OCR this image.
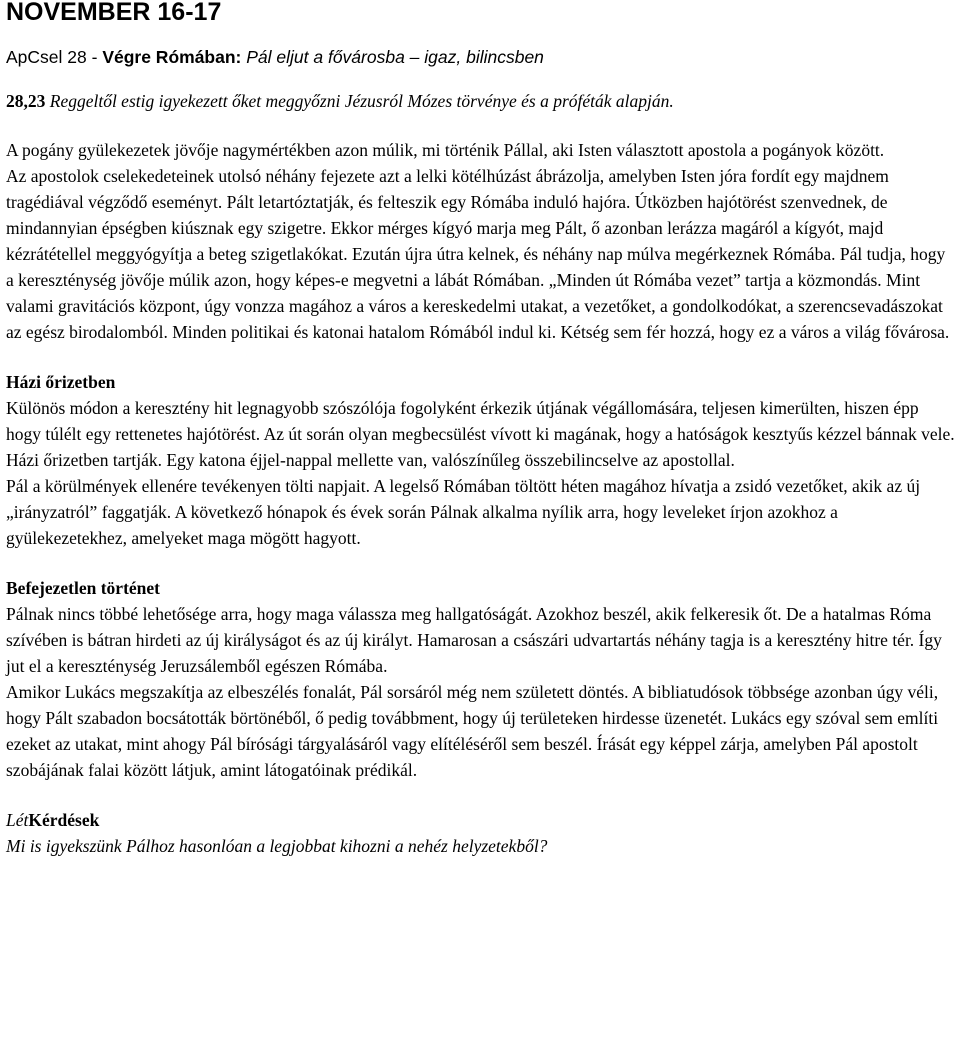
NOVEMBER 16-17
ApCsel 28 - Végre Rómában: Pál eljut a fővárosba – igaz, bilincsben
28,23 Reggeltől estig igyekezett őket meggyőzni Jézusról Mózes törvénye és a próféták alapján.

A pogány gyülekezetek jövője nagymértékben azon múlik, mi történik Pállal, aki Isten választott apostola a pogányok között.

Az apostolok cselekedeteinek utolsó néhány fejezete azt a lelki kötélhúzást ábrázolja, amelyben Isten jóra fordít egy majdnem tragédiával végződő eseményt. Pált letartóztatják, és felteszik egy Rómába induló hajóra. Útközben hajótörést szenvednek, de mindannyian épségben kiúsznak egy szigetre. Ekkor mérges kígyó marja meg Pált, ő azonban lerázza magáról a kígyót, majd kézrátétellel meggyógyítja a beteg szigetlakókat. Ezután újra útra kelnek, és néhány nap múlva megérkeznek Rómába. Pál tudja, hogy a kereszténység jövője múlik azon, hogy képes-e megvetni a lábát Rómában. „Minden út Rómába vezet” tartja a közmondás. Mint valami gravitációs központ, úgy vonzza magához a város a kereskedelmi utakat, a vezetőket, a gondolkodókat, a szerencsevadászokat az egész birodalomból. Minden politikai és katonai hatalom Rómából indul ki. Kétség sem fér hozzá, hogy ez a város a világ fővárosa.

Házi őrizetben

Különös módon a keresztény hit legnagyobb szószólója fogolyként érkezik útjának végállomására, teljesen kimerülten, hiszen épp hogy túlélt egy rettenetes hajótörést. Az út során olyan megbecsülést vívott ki magának, hogy a hatóságok kesztyűs kézzel bánnak vele. Házi őrizetben tartják. Egy katona éjjel-nappal mellette van, valószínűleg összebilincselve az apostollal.

Pál a körülmények ellenére tevékenyen tölti napjait. A legelső Rómában töltött héten magához hívatja a zsidó vezetőket, akik az új „irányzatról” faggatják. A következő hónapok és évek során Pálnak alkalma nyílik arra, hogy leveleket írjon azokhoz a gyülekezetekhez, amelyeket maga mögött hagyott.

Befejezetlen történet

Pálnak nincs többé lehetősége arra, hogy maga válassza meg hallgatóságát. Azokhoz beszél, akik felkeresik őt. De a hatalmas Róma szívében is bátran hirdeti az új királyságot és az új királyt. Hamarosan a császári udvartartás néhány tagja is a keresztény hitre tér. Így jut el a kereszténység Jeruzsálemből egészen Rómába.

Amikor Lukács megszakítja az elbeszélés fonalát, Pál sorsáról még nem született döntés. A bibliatudósok többsége azonban úgy véli, hogy Pált szabadon bocsátották börtönéből, ő pedig továbbment, hogy új területeken hirdesse üzenetét. Lukács egy szóval sem említi ezeket az utakat, mint ahogy Pál bírósági tárgyalásáról vagy elítéléséről sem beszél. Írását egy képpel zárja, amelyben Pál apostolt szobájának falai között látjuk, amint látogatóinak prédikál.

LétKérdések

Mi is igyekszünk Pálhoz hasonlóan a legjobbat kihozni a nehéz helyzetekből?
